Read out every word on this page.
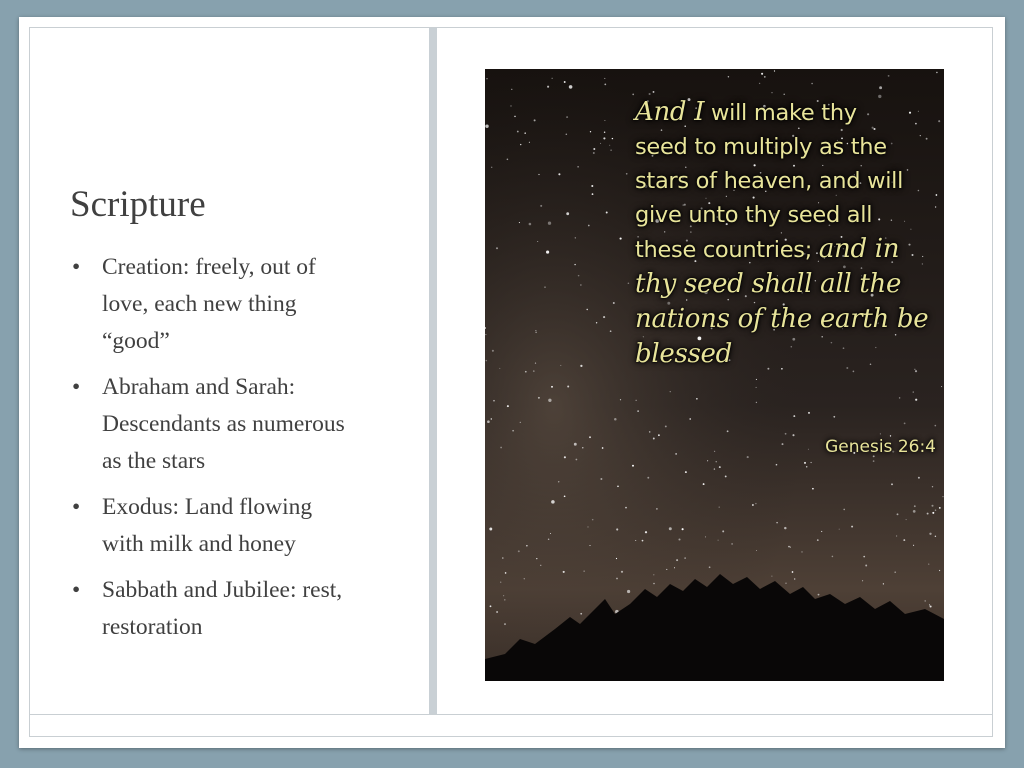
Scripture
• Creation: freely, out of
love, each new thing
“good”
• Abraham and Sarah:
Descendants as numerous
as the stars
• Exodus: Land flowing
with milk and honey
• Sabbath and Jubilee: rest,
restoration
And I will make thy
seed to multiply as the
stars of heaven, and will
give unto thy seed all
these countries; and in
thy seed shall all the
nations of the earth be
blessed
Genesis 26:4
